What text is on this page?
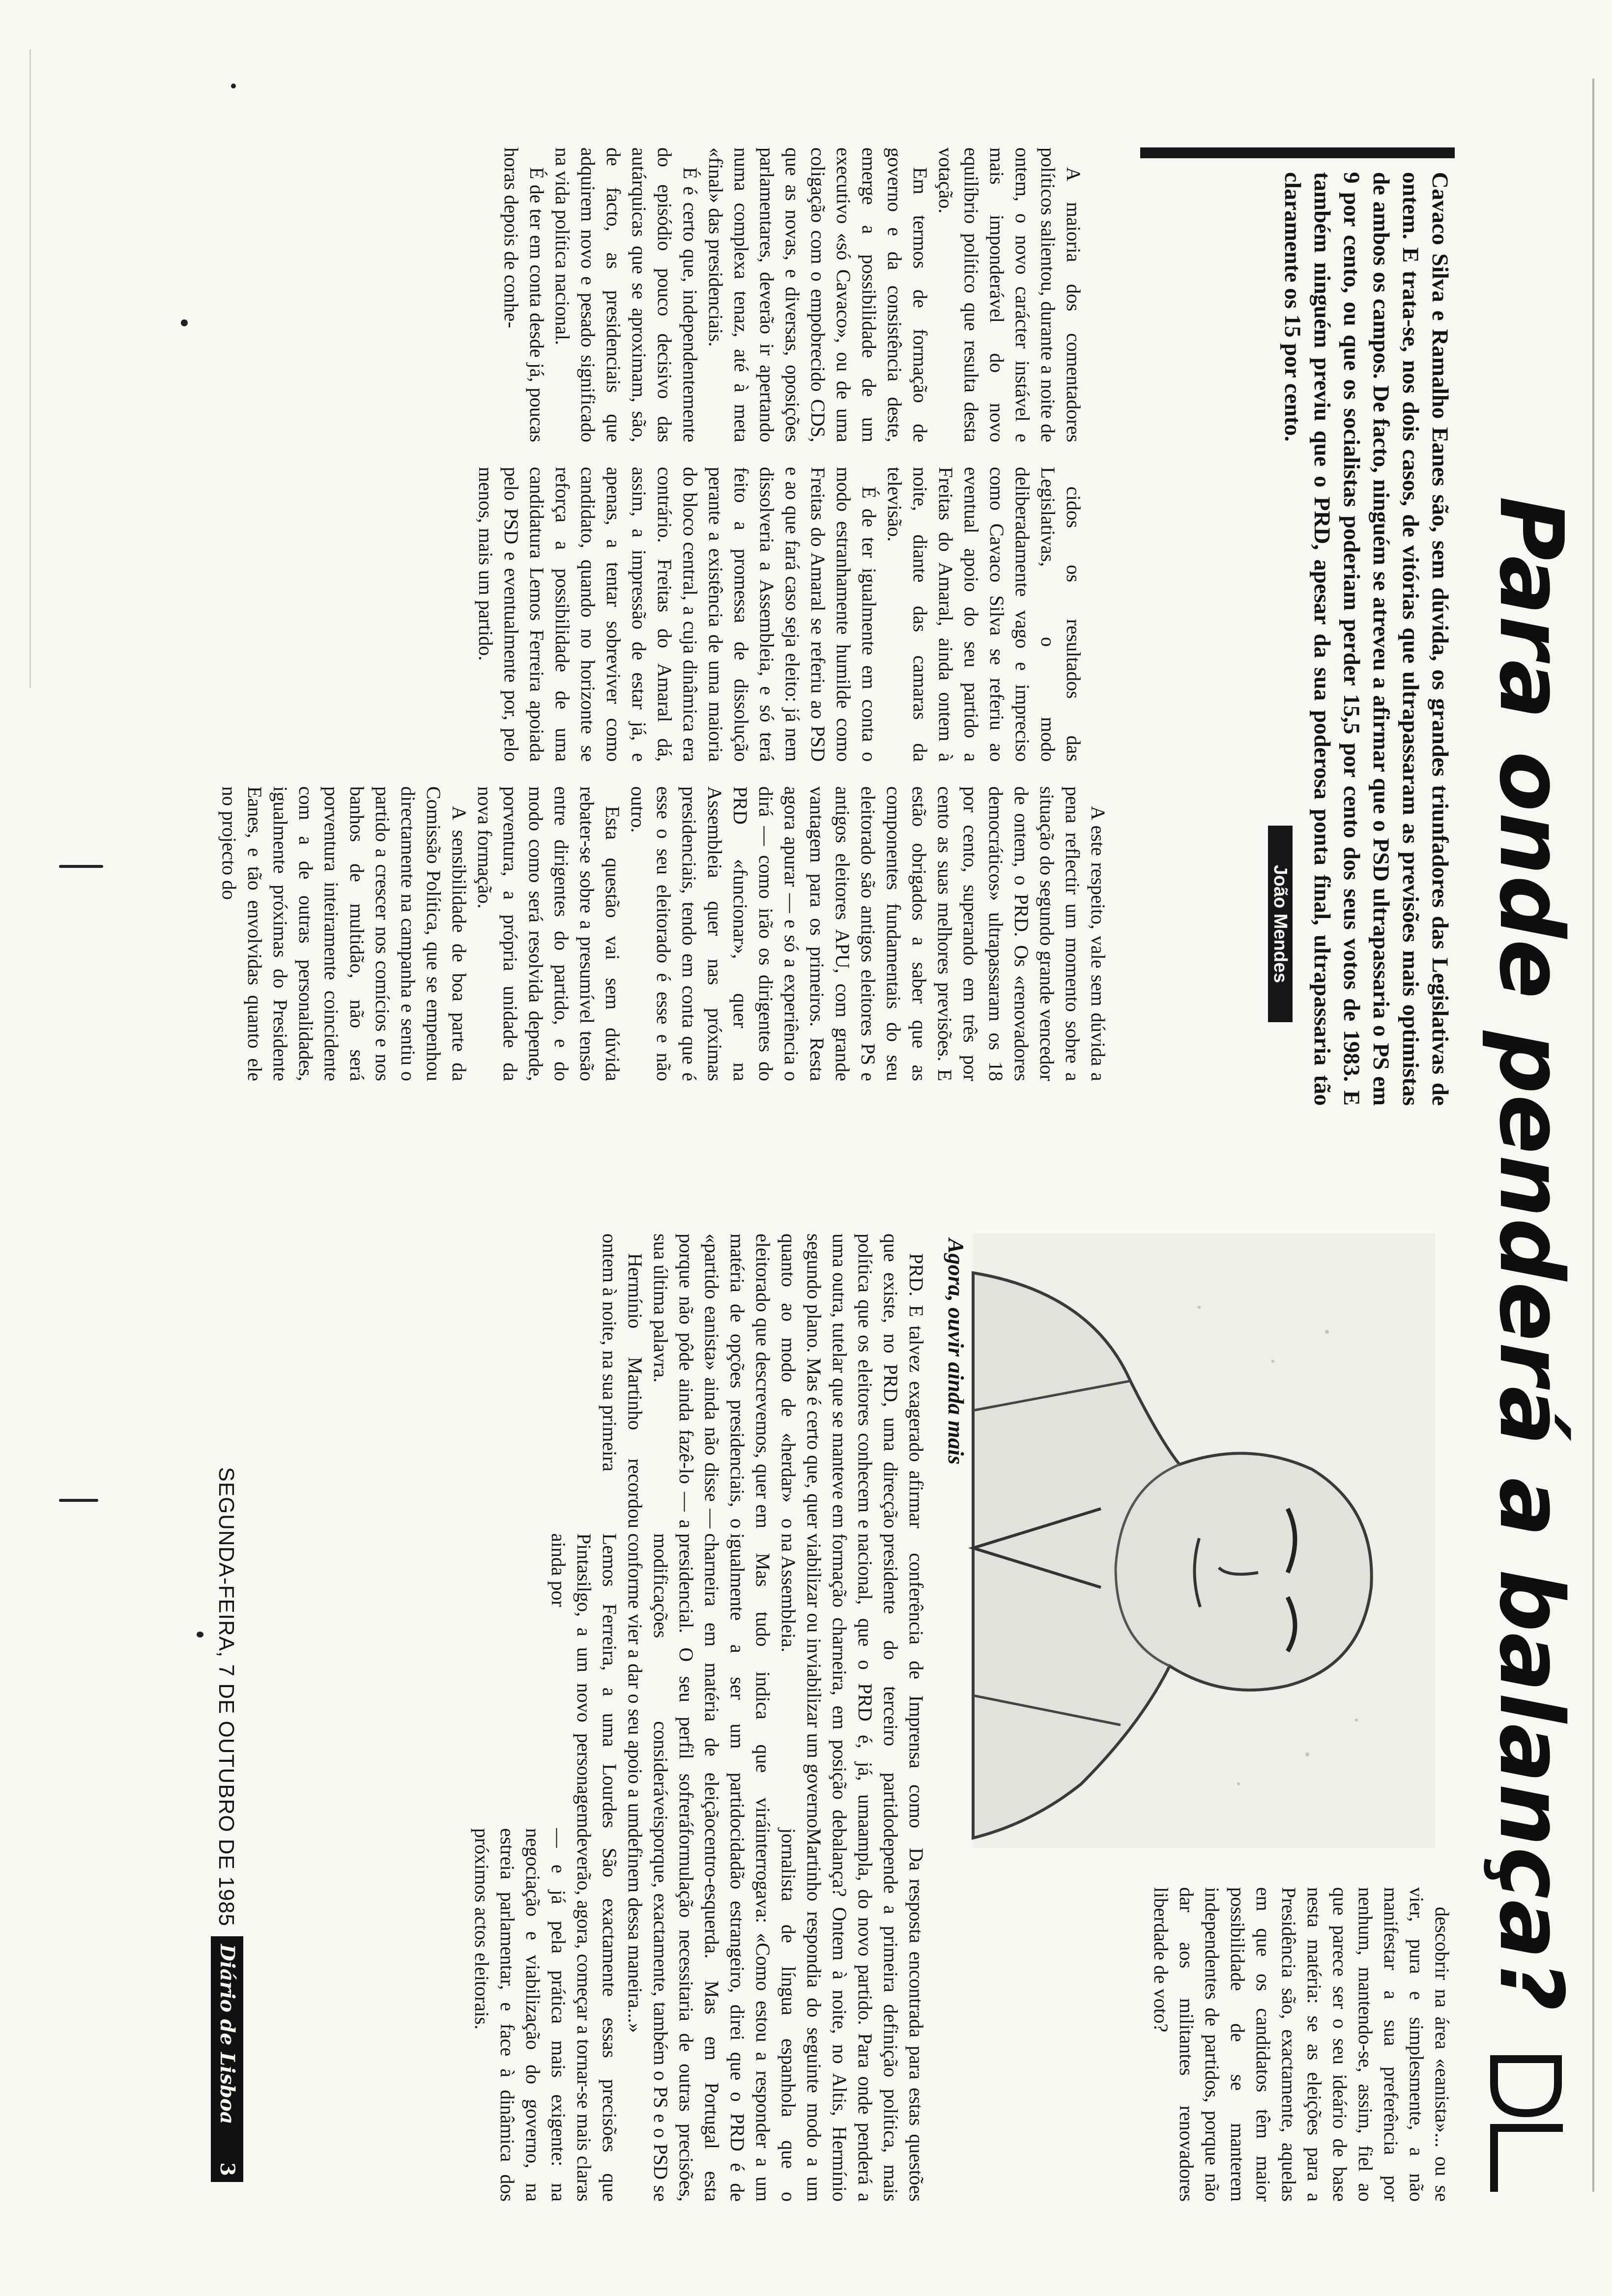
Para onde penderá a balança?

Cavaco Silva e Ramalho Eanes são, sem dúvida, os grandes triunfadores das Legislativas de ontem. E trata-se, nos dois casos, de vitórias que ultrapassaram as previsões mais optimistas de ambos os campos. De facto, ninguém se atreveu a afirmar que o PSD ultrapassaria o PS em 9 por cento, ou que os socialistas poderiam perder 15,5 por cento dos seus votos de 1983. E também ninguém previu que o PRD, apesar da sua poderosa ponta final, ultrapassaria tão claramente os 15 por cento.

João Mendes

A maioria dos comentadores políticos salientou, durante a noite de ontem, o novo carácter instável e mais imponderável do novo equilíbrio político que resulta desta votação.

Em termos de formação de governo e da consistência deste, emerge a possibilidade de um executivo «só Cavaco», ou de uma coligação com o empobrecido CDS, que as novas, e diversas, oposições parlamentares, deverão ir apertando numa complexa tenaz, até à meta «final» das presidenciais.

É é certo que, independentemente do episódio pouco decisivo das autárquicas que se aproximam, são, de facto, as presidenciais que adquirem novo e pesado significado na vida política nacional.

É de ter em conta desde já, poucas horas depois de conhe-

cidos os resultados das Legislativas, o modo deliberadamente vago e impreciso como Cavaco Silva se referiu ao eventual apoio do seu partido a Freitas do Amaral, ainda ontem à noite, diante das camaras da televisão.

É de ter igualmente em conta o modo estranhamente humilde como Freitas do Amaral se referiu ao PSD e ao que fará caso seja eleito: já nem dissolveria a Assembleia, e só terá feito a promessa de dissolução perante a existência de uma maioria do bloco central, a cuja dinâmica era contrário. Freitas do Amaral dá, assim, a impressão de estar já, e apenas, a tentar sobreviver como candidato, quando no horizonte se reforça a possibilidade de uma candidatura Lemos Ferreira apoiada pelo PSD e eventualmente por, pelo menos, mais um partido.

A este respeito, vale sem dúvida a pena reflectir um momento sobre a situação do segundo grande vencedor de ontem, o PRD. Os «renovadores democráticos» ultrapassaram os 18 por cento, superando em três por cento as suas melhores previsões. E estão obrigados a saber que as componentes fundamentais do seu eleitorado são antigos eleitores PS e antigos eleitores APU, com grande vantagem para os primeiros. Resta agora apurar — e só a experiência o dirá — como irão os dirigentes do PRD «funcionar», quer na Assembleia quer nas próximas presidenciais, tendo em conta que é esse o seu eleitorado é esse e não outro.

Esta questão vai sem dúvida rebater-se sobre a presumível tensão entre dirigentes do partido, e do modo como será resolvida depende, porventura, a própria unidade da nova formação.

A sensibilidade de boa parte da Comissão Política, que se empenhou directamente na campanha e sentiu o partido a crescer nos comícios e nos banhos de multidão, não será porventura inteiramente coincidente com a de outras personalidades, igualmente próximas do Presidente Eanes, e tão envolvidas quanto ele no projecto do

Agora, ouvir ainda mais

PRD. E talvez exagerado afirmar que existe, no PRD, uma direcção política que os eleitores conhecem e uma outra, tutelar que se manteve em segundo plano. Mas é certo que, quer quanto ao modo de «herdar» o eleitorado que descrevemos, quer em matéria de opções presidenciais, o «partido eanista» ainda não disse — porque não pôde ainda fazê-lo — a sua última palavra.

Hermínio Martinho recordou ontem à noite, na sua primeira

conferência de Imprensa como presidente do terceiro partido nacional, que o PRD é, já, uma formação charneira, em posição de viabilizar ou inviabilizar um governo na Assembleia.

Mas tudo indica que virá igualmente a ser um partido charneira em matéria de eleição presidencial. O seu perfil sofrerá modificações consideráveis conforme vier a dar o seu apoio a um Lemos Ferreira, a uma Lourdes Pintasilgo, a um novo personagem ainda por

descobrir na área «eanista»... ou se vier, pura e simplesmente, a não manifestar a sua preferência por nenhum, mantendo-se, assim, fiel ao que parece ser o seu ideário de base nesta matéria: se as eleições para a Presidência são, exactamente, aquelas em que os candidatos têm maior possibilidade de se manterem independentes de partidos, porque não dar aos militantes renovadores liberdade de voto?

Da resposta encontrada para estas questões depende a primeira definição política, mais ampla, do novo partido. Para onde penderá a balança? Ontem à noite, no Altis, Hermínio Martinho respondia do seguinte modo a um jornalista de língua espanhola que o interrogava: «Como estou a responder a um cidadão estrangeiro, direi que o PRD é de centro-esquerda. Mas em Portugal esta formulação necessitaria de outras precisões, porque, exactamente, também o PS e o PSD se definem dessa maneira...»

São exactamente essas precisões que deverão, agora, começar a tornar-se mais claras — e já pela prática mais exigente: na negociação e viabilização do governo, na estreia parlamentar, e face à dinâmica dos próximos actos eleitorais.

SEGUNDA-FEIRA, 7 DE OUTUBRO DE 1985
Diário de Lisboa
3
